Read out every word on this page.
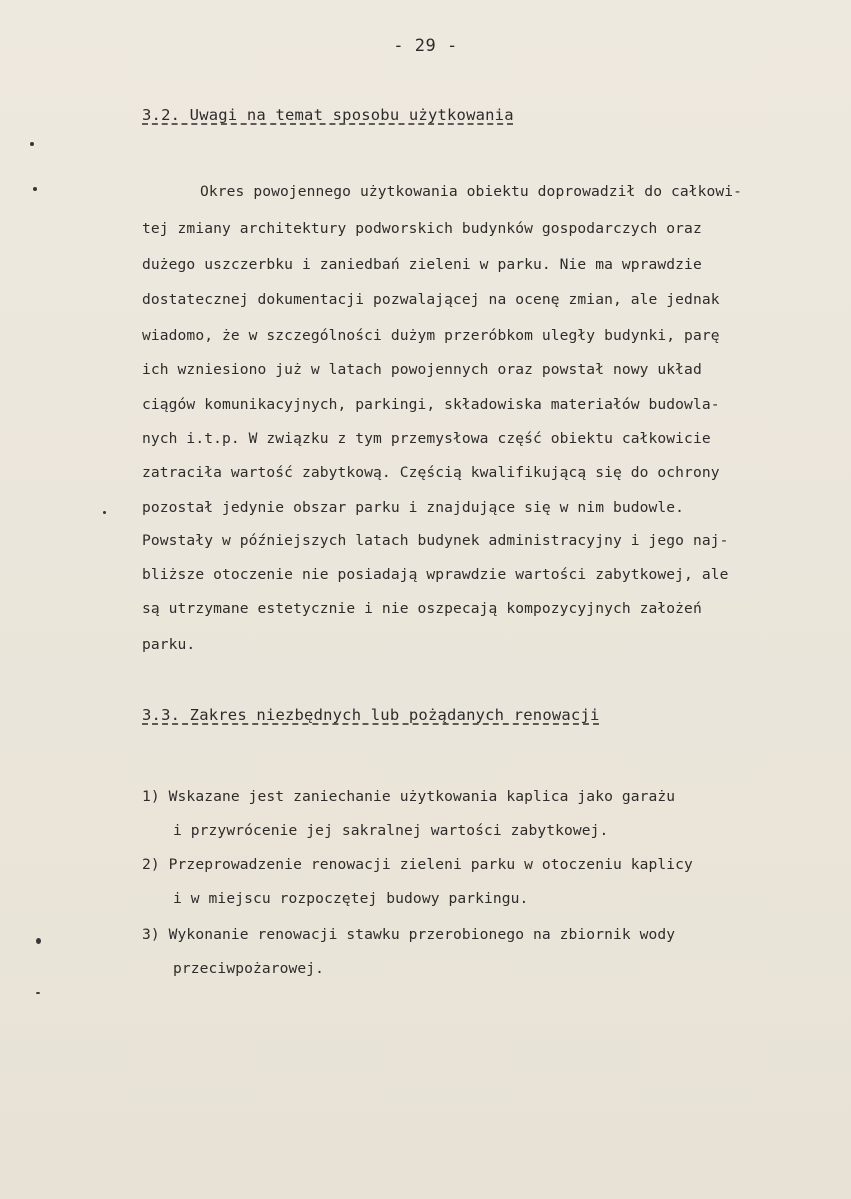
- 29 -
3.2. Uwagi na temat sposobu użytkowania
Okres powojennego użytkowania obiektu doprowadził do całkowi-
tej zmiany architektury podworskich budynków gospodarczych oraz
dużego uszczerbku i zaniedbań zieleni w parku. Nie ma wprawdzie
dostatecznej dokumentacji pozwalającej na ocenę zmian, ale jednak
wiadomo, że w szczególności dużym przeróbkom uległy budynki, parę
ich wzniesiono już w latach powojennych oraz powstał nowy układ
ciągów komunikacyjnych, parkingi, składowiska materiałów budowla-
nych i.t.p. W związku z tym przemysłowa część obiektu całkowicie
zatraciła wartość zabytkową. Częścią kwalifikującą się do ochrony
pozostał jedynie obszar parku i znajdujące się w nim budowle.
Powstały w późniejszych latach budynek administracyjny i jego naj-
bliższe otoczenie nie posiadają wprawdzie wartości zabytkowej, ale
są utrzymane estetycznie i nie oszpecają kompozycyjnych założeń
parku.
3.3. Zakres niezbędnych lub pożądanych renowacji
1) Wskazane jest zaniechanie użytkowania kaplica jako garażu
i przywrócenie jej sakralnej wartości zabytkowej.
2) Przeprowadzenie renowacji zieleni parku w otoczeniu kaplicy
i w miejscu rozpoczętej budowy parkingu.
3) Wykonanie renowacji stawku przerobionego na zbiornik wody
przeciwpożarowej.
